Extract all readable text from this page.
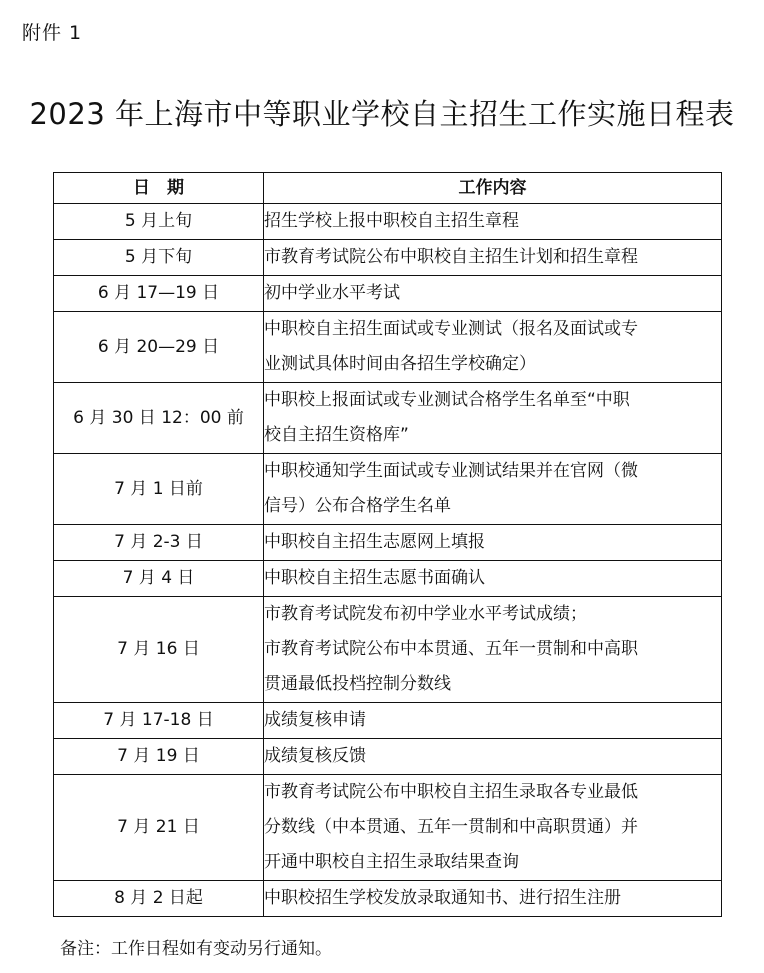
附件 1
2023 年上海市中等职业学校自主招生工作实施日程表
日　期	工作内容
5 月上旬	招生学校上报中职校自主招生章程

5 月下旬	市教育考试院公布中职校自主招生计划和招生章程

6 月 17—19 日	初中学业水平考试

6 月 20—29 日	中职校自主招生面试或专业测试（报名及面试或专
业测试具体时间由各招生学校确定）

6 月 30 日 12：00 前	中职校上报面试或专业测试合格学生名单至“中职
校自主招生资格库”

7 月 1 日前	中职校通知学生面试或专业测试结果并在官网（微
信号）公布合格学生名单

7 月 2-3 日	中职校自主招生志愿网上填报

7 月 4 日	中职校自主招生志愿书面确认

7 月 16 日	市教育考试院发布初中学业水平考试成绩；
市教育考试院公布中本贯通、五年一贯制和中高职
贯通最低投档控制分数线

7 月 17-18 日	成绩复核申请

7 月 19 日	成绩复核反馈

7 月 21 日	市教育考试院公布中职校自主招生录取各专业最低
分数线（中本贯通、五年一贯制和中高职贯通）并
开通中职校自主招生录取结果查询

8 月 2 日起	中职校招生学校发放录取通知书、进行招生注册
备注：工作日程如有变动另行通知。
